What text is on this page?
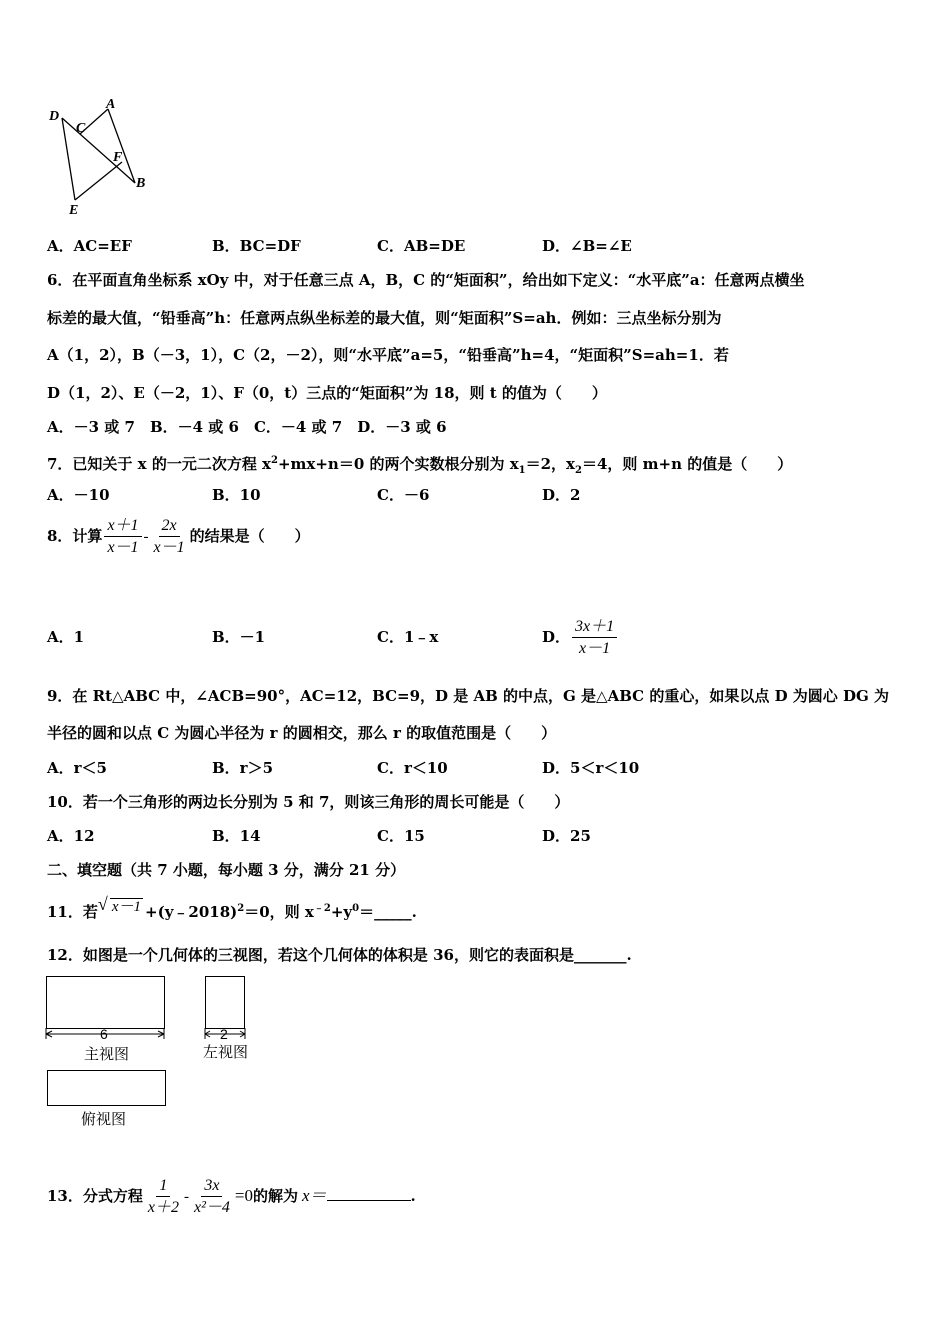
D
A
C
F
B
E
A．AC=EF	B．BC=DF	C．AB=DE	D．∠B=∠E
6．在平面直角坐标系 xOy 中，对于任意三点 A，B，C 的“矩面积”，给出如下定义：“水平底”a：任意两点横坐
标差的最大值，“铅垂高”h：任意两点纵坐标差的最大值，则“矩面积”S=ah．例如：三点坐标分别为
A（1，2），B（－3，1），C（2，－2），则“水平底”a=5，“铅垂高”h=4，“矩面积”S=ah=1．若
D（1，2）、E（－2，1）、F（0，t）三点的“矩面积”为 18，则 t 的值为（　　）
A．－3 或 7　B．－4 或 6　C．－4 或 7　D．－3 或 6
7．已知关于 x 的一元二次方程 $x^2+mx+n=0$ 的两个实数根分别为 $x_1=2$，$x_2=4$，则 m+n 的值是（　　）
A．－10	B．10	C．－6	D．2
8．计算 $\frac{x+1}{x-1} - \frac{2x}{x-1}$ 的结果是（　　）
A．1	B．－1	C．1﹣x	D． $\frac{3x+1}{x-1}$
9．在 Rt△ABC 中，∠ACB=90°，AC=12，BC=9，D 是 AB 的中点，G 是△ABC 的重心，如果以点 D 为圆心 DG 为
半径的圆和以点 C 为圆心半径为 r 的圆相交，那么 r 的取值范围是（　　）
A．r＜5	B．r＞5	C．r＜10	D．5＜r＜10
10．若一个三角形的两边长分别为 5 和 7，则该三角形的周长可能是（　　）
A．12	B．14	C．15	D．25
二、填空题（共 7 小题，每小题 3 分，满分 21 分）
11．若 √ x－1 +(y﹣2018)$^2$＝0，则 $x^{﹣2}+y^0=\_\_\_\_\_$.
12．如图是一个几何体的三视图，若这个几何体的体积是 36，则它的表面积是_______.
6
主视图
2
左视图
俯视图
13．分式方程 $\frac{1}{x+2} - \frac{3x}{\text{x²－4}} =0$的解为 x＝	.
